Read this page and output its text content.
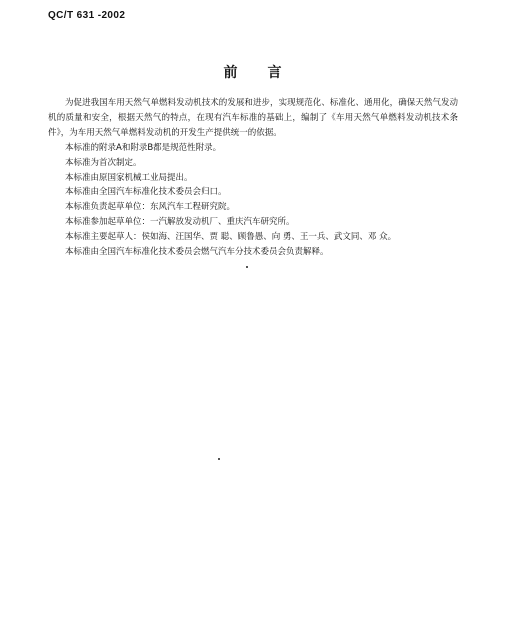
QC/T 631 -2002
前言

为促进我国车用天然气单燃料发动机技术的发展和进步，实现规范化、标准化、通用化，确保天然气发动机的质量和安全，根据天然气的特点，在现有汽车标准的基础上，编制了《车用天然气单燃料发动机技术条件》，为车用天然气单燃料发动机的开发生产提供统一的依据。

本标准的附录A和附录B都是规范性附录。

本标准为首次制定。

本标准由原国家机械工业局提出。

本标准由全国汽车标准化技术委员会归口。

本标准负责起草单位：东风汽车工程研究院。

本标准参加起草单位：一汽解放发动机厂、重庆汽车研究所。

本标准主要起草人：侯如海、汪国华、贾 聪、顾鲁愚、向 勇、王一兵、武文同、邓 众。

本标准由全国汽车标准化技术委员会燃气汽车分技术委员会负责解释。
